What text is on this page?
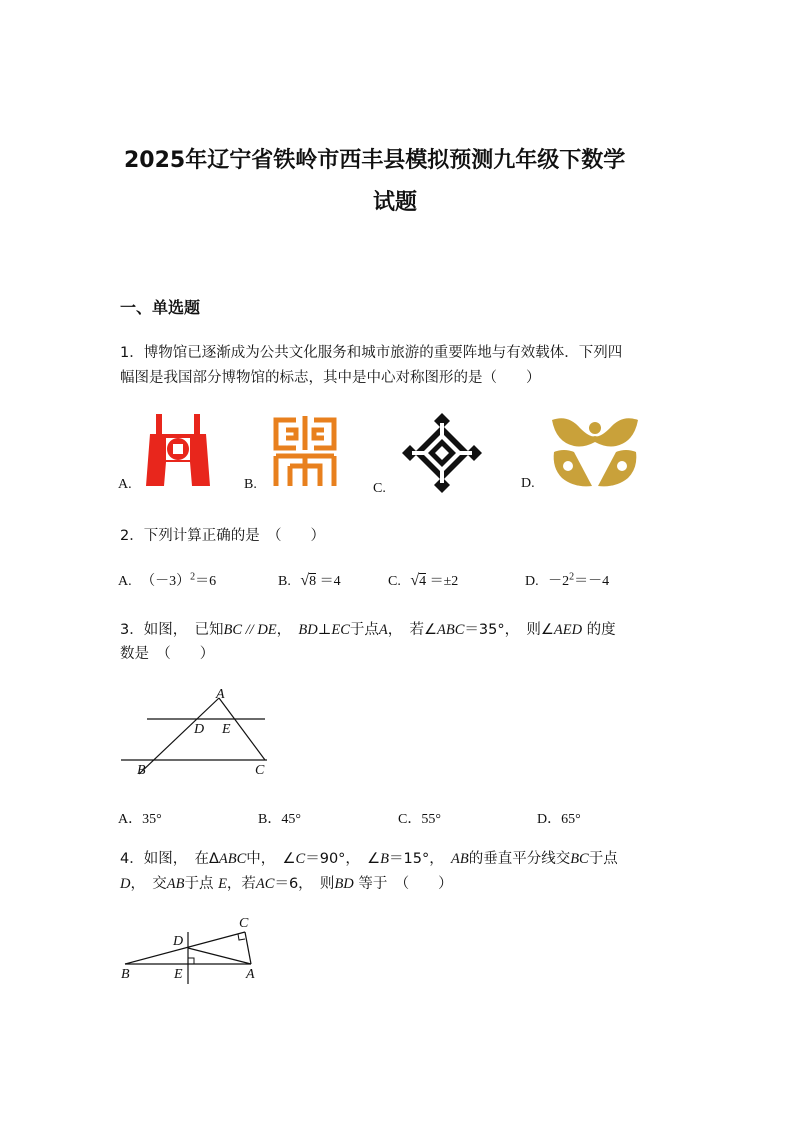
2025年辽宁省铁岭市西丰县模拟预测九年级下数学
试题
一、单选题
1．博物馆已逐渐成为公共文化服务和城市旅游的重要阵地与有效载体．下列四
幅图是我国部分博物馆的标志，其中是中心对称图形的是（　　）
A.	B.	C.	D.
2．下列计算正确的是　（　　）
A. $(-3)^2=6$	B. √8 ＝4	C. √4 ＝±2	D. $-2^2=-4$
3．如图，　已知BC // DE，　BD⊥EC于点A，　若∠ABC＝35°，　则∠AED 的度
数是　（　　）
A
D E
B	C
A．35°	B．45°	C．55°	D．65°
4．如图，　在ΔABC中，　∠C＝90°，　∠B＝15°，　AB的垂直平分线交BC于点
D，　交AB于点 E，若AC＝6，　则BD 等于　（　　）
C
D
B	E	A
